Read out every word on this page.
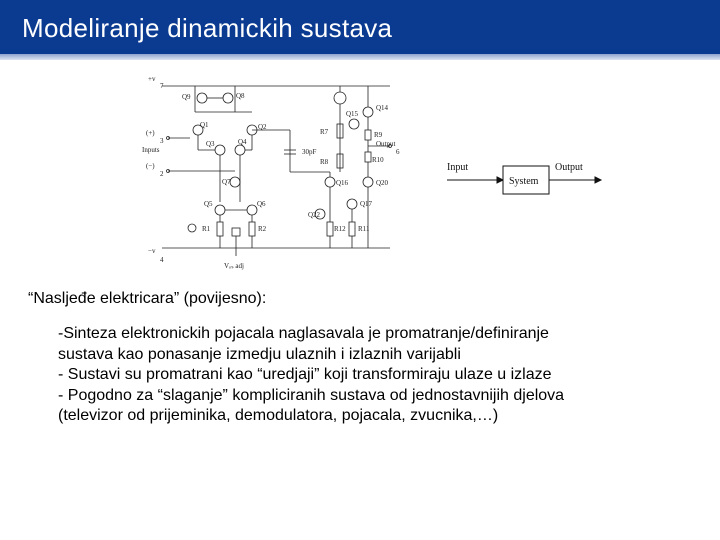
Modeliranje dinamickih sustava
+v
7
−v
4
(+)
3
Inputs
(−)
2
Q9	Q8
Q1	Q2
Q3	Q4
Q7
Q5	Q6
R1	R2
Vₒₛ adj
30pF
R7
R8
Q14
Q15
R9
R10
Output
6
Q16	Q20
Q17
Q22
R12 R11
Input
System
Output
“Nasljeđe elektricara” (povijesno):
-Sinteza elektronickih pojacala naglasavala je promatranje/definiranje
sustava kao ponasanje izmedju ulaznih i izlaznih varijabli
- Sustavi su promatrani kao “uredjaji” koji transformiraju ulaze u izlaze
- Pogodno za “slaganje” kompliciranih sustava od jednostavnijih djelova
(televizor od prijeminika, demodulatora, pojacala, zvucnika,…)
